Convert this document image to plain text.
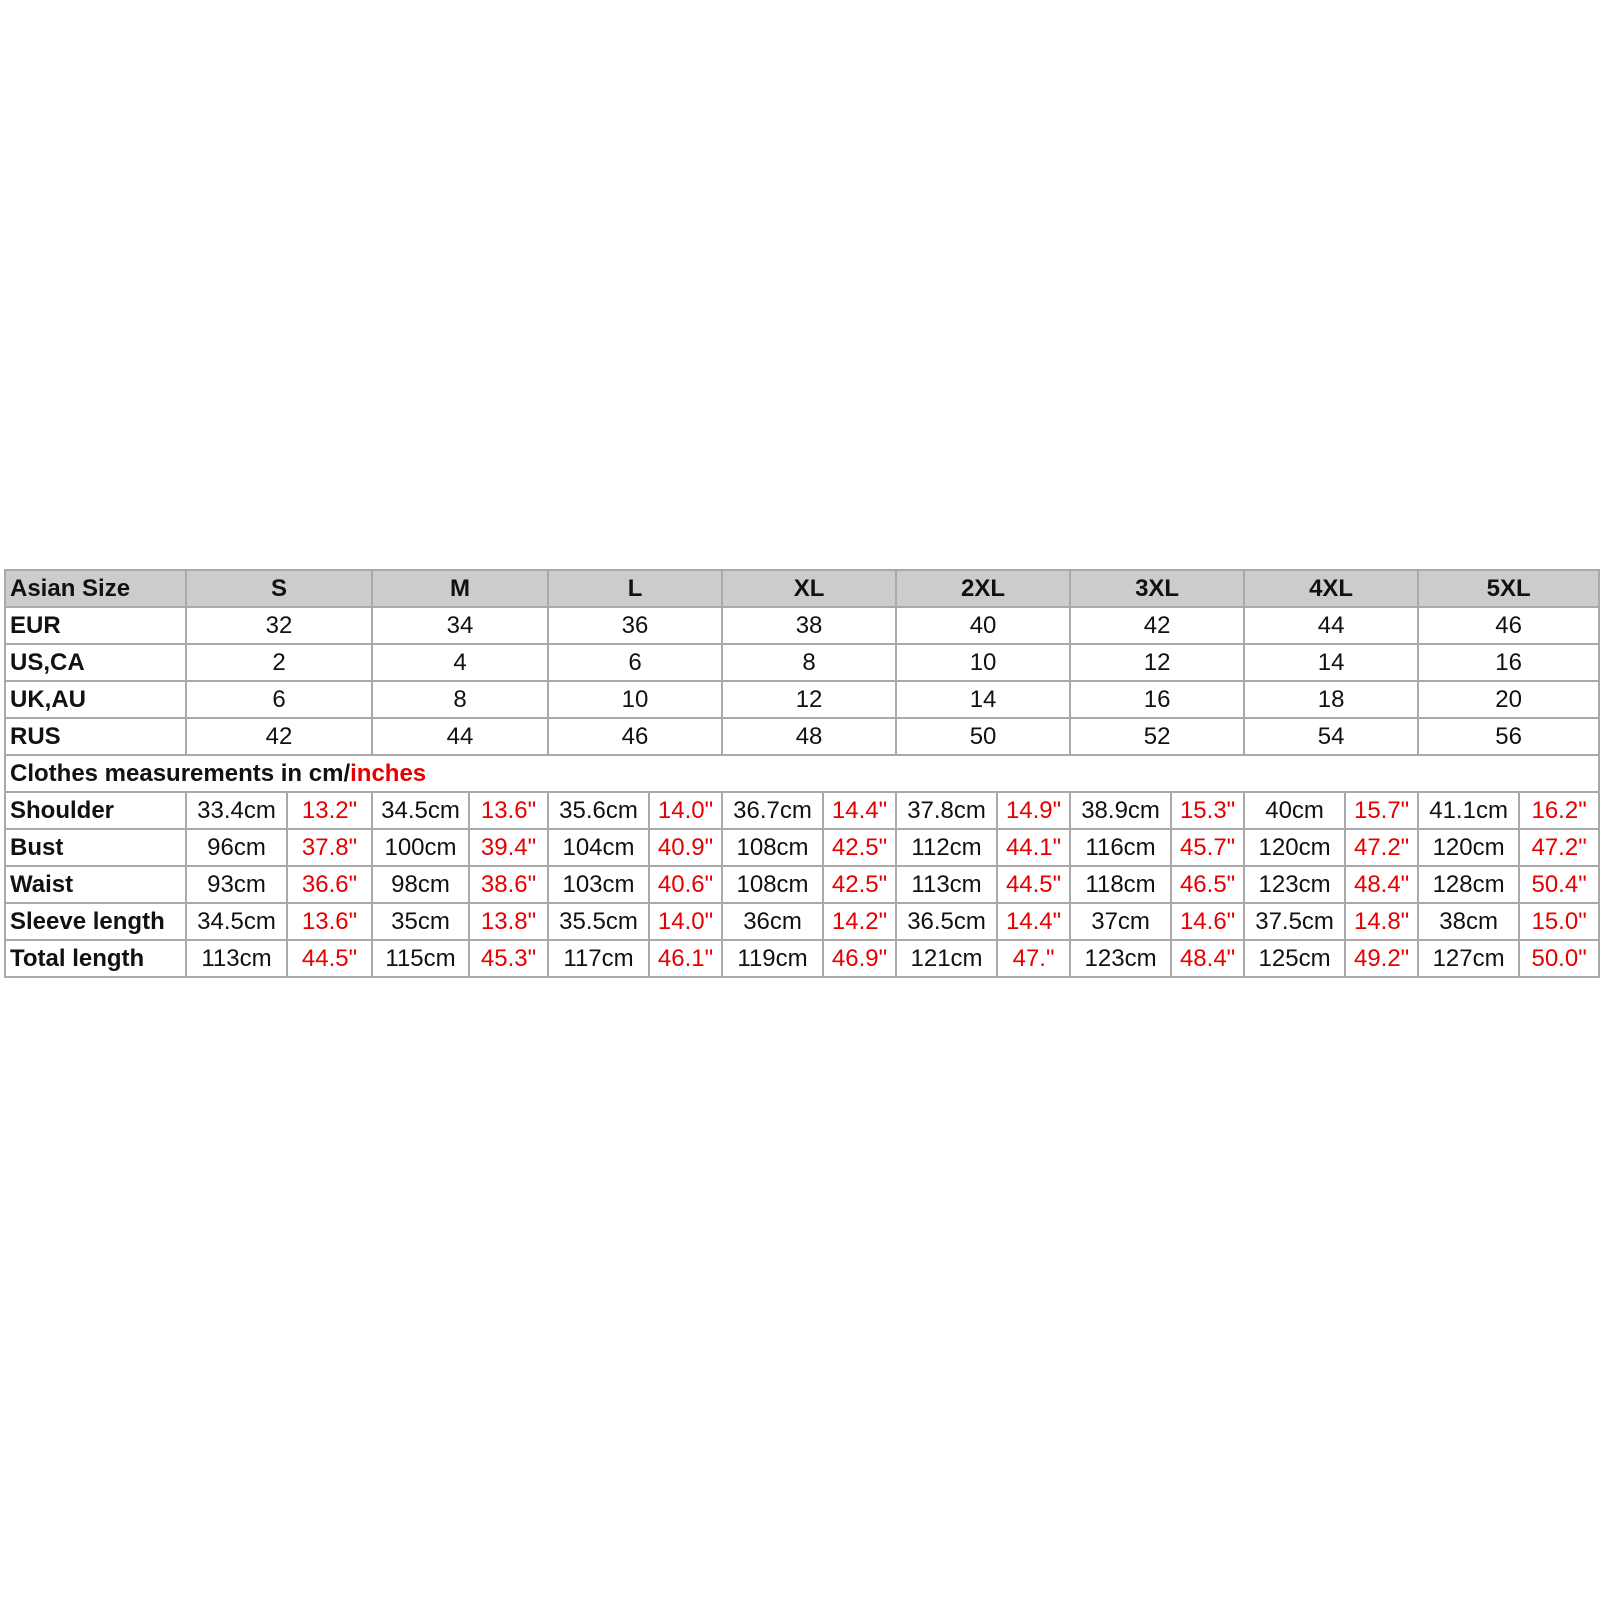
Asian Size	S		M		L		XL		2XL		3XL		4XL		5XL	
EUR	32		34		36		38		40		42		44		46	
US,CA	2		4		6		8		10		12		14		16	
UK,AU	6		8		10		12		14		16		18		20	
RUS	42		44		46		48		50		52		54		56	
Clothes measurements in cm/inches																
Shoulder	33.4cm	13.2"	34.5cm	13.6"	35.6cm	14.0"	36.7cm	14.4"	37.8cm	14.9"	38.9cm	15.3"	40cm	15.7"	41.1cm	16.2"
Bust	96cm	37.8"	100cm	39.4"	104cm	40.9"	108cm	42.5"	112cm	44.1"	116cm	45.7"	120cm	47.2"	120cm	47.2"
Waist	93cm	36.6"	98cm	38.6"	103cm	40.6"	108cm	42.5"	113cm	44.5"	118cm	46.5"	123cm	48.4"	128cm	50.4"
Sleeve length	34.5cm	13.6"	35cm	13.8"	35.5cm	14.0"	36cm	14.2"	36.5cm	14.4"	37cm	14.6"	37.5cm	14.8"	38cm	15.0"
Total length	113cm	44.5"	115cm	45.3"	117cm	46.1"	119cm	46.9"	121cm	47."	123cm	48.4"	125cm	49.2"	127cm	50.0"
